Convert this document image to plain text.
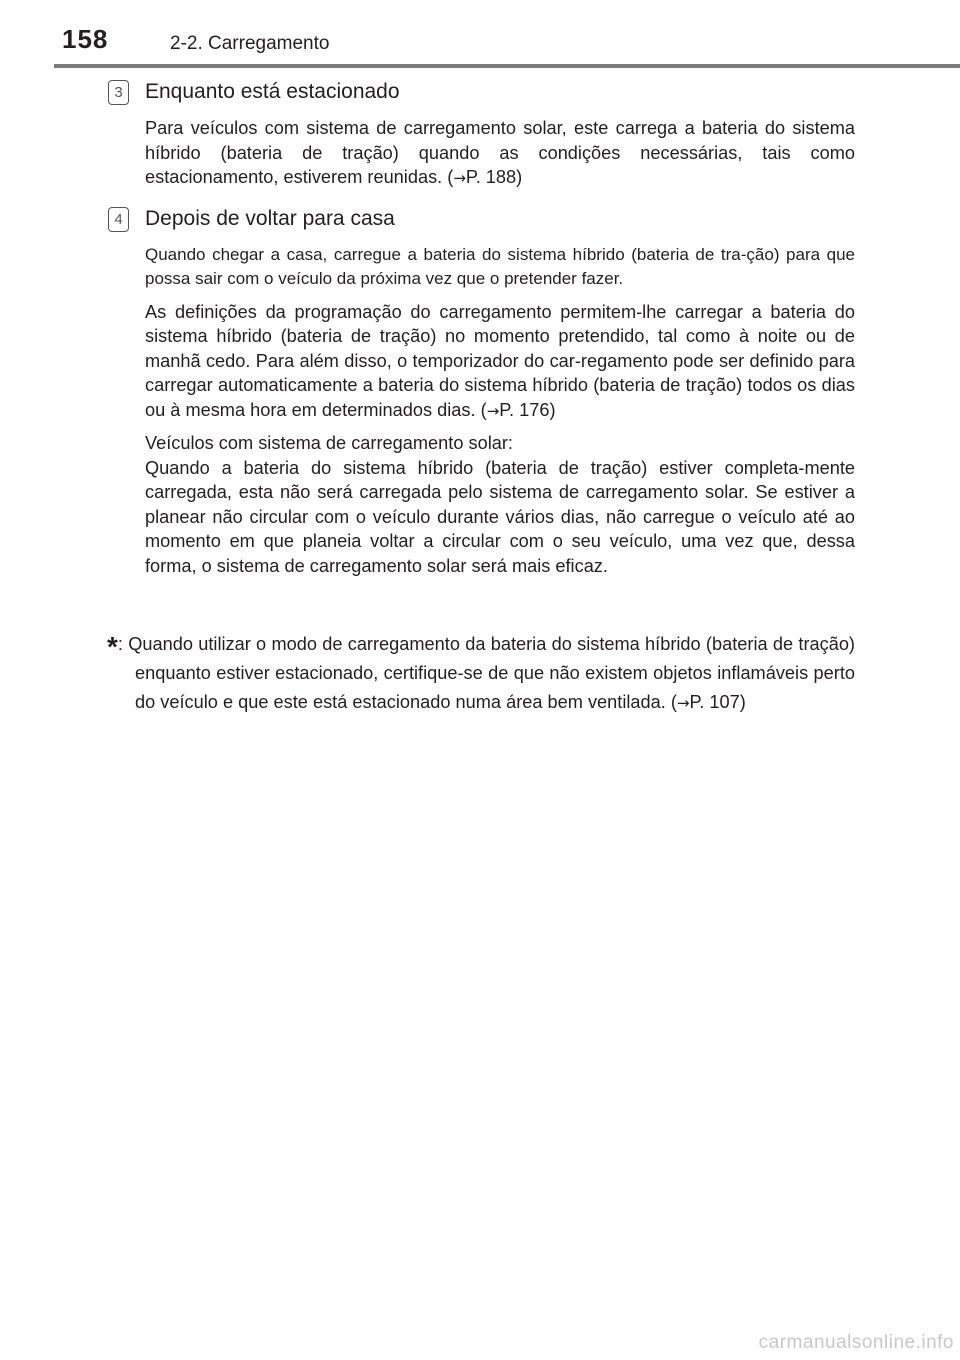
158	2-2. Carregamento
3	Enquanto está estacionado

Para veículos com sistema de carregamento solar, este carrega a bateria do sistema híbrido (bateria de tração) quando as condições necessárias, tais como estacionamento, estiverem reunidas. (→P. 188)

4	Depois de voltar para casa

Quando chegar a casa, carregue a bateria do sistema híbrido (bateria de tra-ção) para que possa sair com o veículo da próxima vez que o pretender fazer.

As definições da programação do carregamento permitem-lhe carregar a bateria do sistema híbrido (bateria de tração) no momento pretendido, tal como à noite ou de manhã cedo. Para além disso, o temporizador do car-regamento pode ser definido para carregar automaticamente a bateria do sistema híbrido (bateria de tração) todos os dias ou à mesma hora em determinados dias. (→P. 176)

Veículos com sistema de carregamento solar:

Quando a bateria do sistema híbrido (bateria de tração) estiver completa-mente carregada, esta não será carregada pelo sistema de carregamento solar. Se estiver a planear não circular com o veículo durante vários dias, não carregue o veículo até ao momento em que planeia voltar a circular com o seu veículo, uma vez que, dessa forma, o sistema de carregamento solar será mais eficaz.

*: Quando utilizar o modo de carregamento da bateria do sistema híbrido (bateria de tração) enquanto estiver estacionado, certifique-se de que não existem objetos inflamáveis perto do veículo e que este está estacionado numa área bem ventilada. (→P. 107)
carmanualsonline.info
